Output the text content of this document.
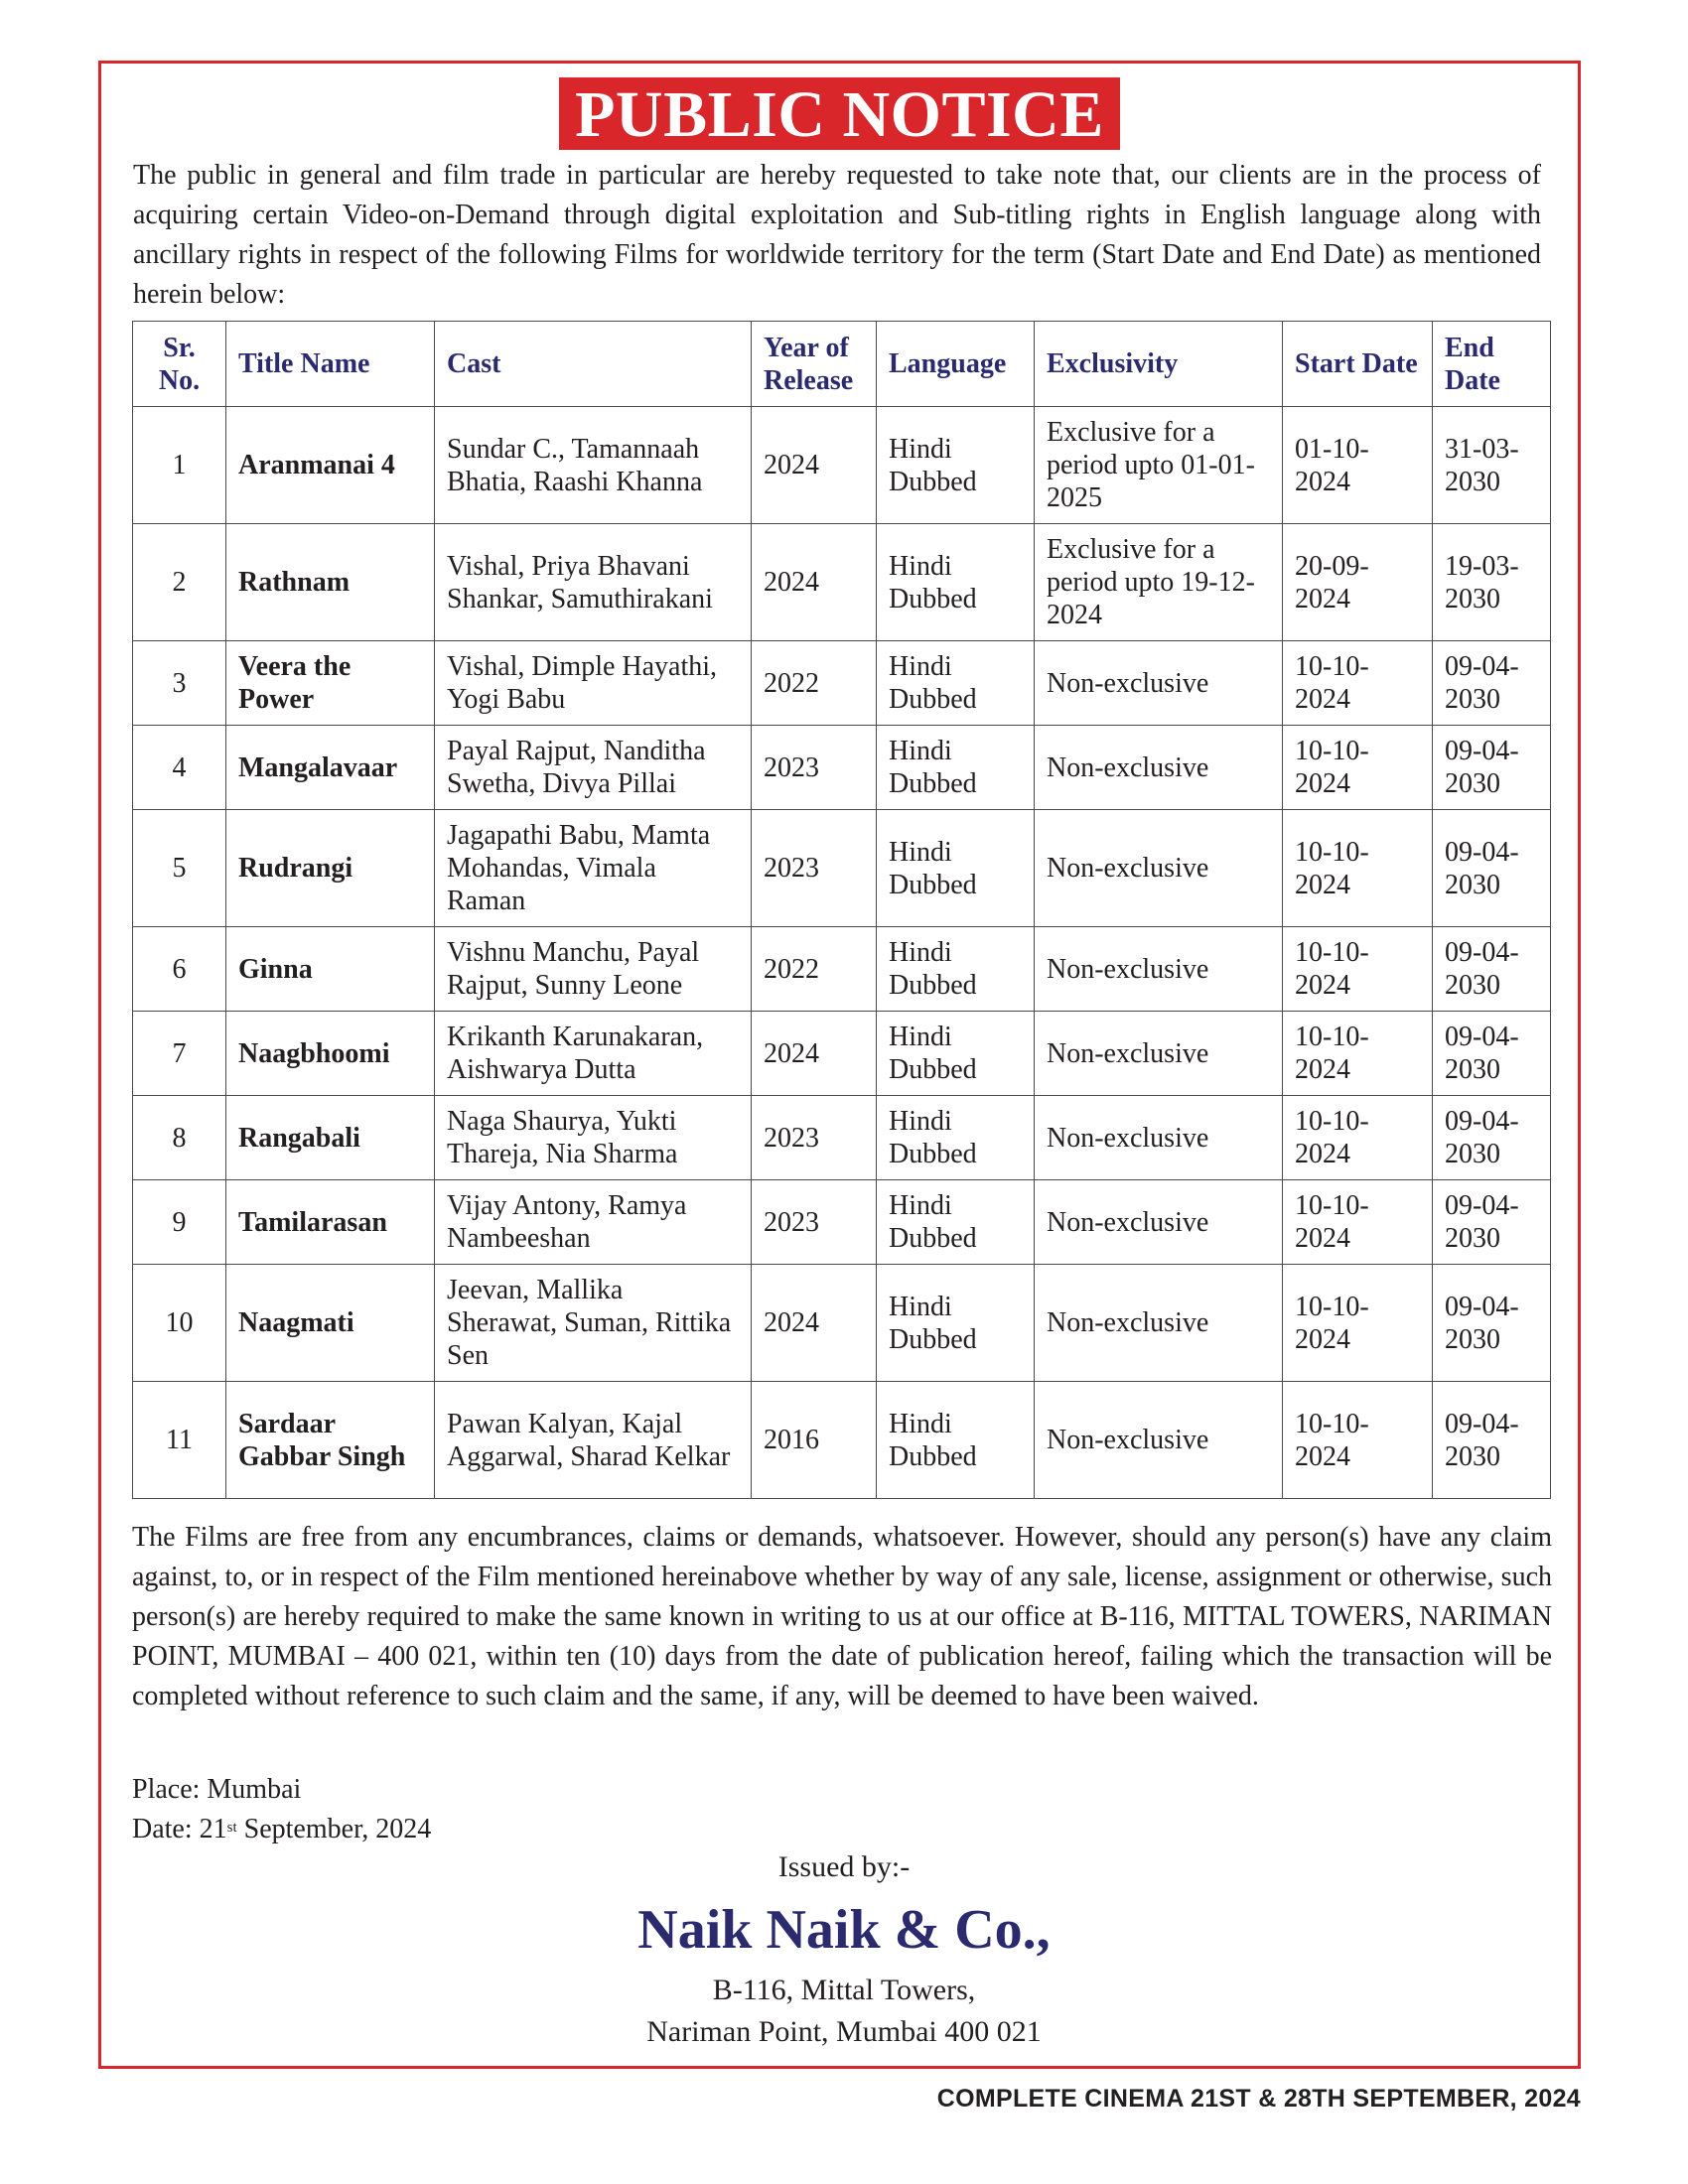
PUBLIC NOTICE

The public in general and film trade in particular are hereby requested to take note that, our clients are in the process of acquiring certain Video-on-Demand through digital exploitation and Sub-titling rights in English language along with ancillary rights in respect of the following Films for worldwide territory for the term (Start Date and End Date) as mentioned herein below:

Sr. No.	Title Name	Cast	Year of Release	Language	Exclusivity	Start Date	End Date
1	Aranmanai 4	Sundar C., Tamannaah Bhatia, Raashi Khanna	2024	Hindi Dubbed	Exclusive for a period upto 01-01-2025	01-10-2024	31-03-2030
2	Rathnam	Vishal, Priya Bhavani Shankar, Samuthirakani	2024	Hindi Dubbed	Exclusive for a period upto 19-12-2024	20-09-2024	19-03-2030
3	Veera the Power	Vishal, Dimple Hayathi, Yogi Babu	2022	Hindi Dubbed	Non-exclusive	10-10-2024	09-04-2030
4	Mangalavaar	Payal Rajput, Nanditha Swetha, Divya Pillai	2023	Hindi Dubbed	Non-exclusive	10-10-2024	09-04-2030
5	Rudrangi	Jagapathi Babu, Mamta Mohandas, Vimala Raman	2023	Hindi Dubbed	Non-exclusive	10-10-2024	09-04-2030
6	Ginna	Vishnu Manchu, Payal Rajput, Sunny Leone	2022	Hindi Dubbed	Non-exclusive	10-10-2024	09-04-2030
7	Naagbhoomi	Krikanth Karunakaran, Aishwarya Dutta	2024	Hindi Dubbed	Non-exclusive	10-10-2024	09-04-2030
8	Rangabali	Naga Shaurya, Yukti Thareja, Nia Sharma	2023	Hindi Dubbed	Non-exclusive	10-10-2024	09-04-2030
9	Tamilarasan	Vijay Antony, Ramya Nambeeshan	2023	Hindi Dubbed	Non-exclusive	10-10-2024	09-04-2030
10	Naagmati	Jeevan, Mallika Sherawat, Suman, Rittika Sen	2024	Hindi Dubbed	Non-exclusive	10-10-2024	09-04-2030
11	Sardaar Gabbar Singh	Pawan Kalyan, Kajal Aggarwal, Sharad Kelkar	2016	Hindi Dubbed	Non-exclusive	10-10-2024	09-04-2030

The Films are free from any encumbrances, claims or demands, whatsoever. However, should any person(s) have any claim against, to, or in respect of the Film mentioned hereinabove whether by way of any sale, license, assignment or otherwise, such person(s) are hereby required to make the same known in writing to us at our office at B-116, MITTAL TOWERS, NARIMAN POINT, MUMBAI – 400 021, within ten (10) days from the date of publication hereof, failing which the transaction will be completed without reference to such claim and the same, if any, will be deemed to have been waived.

Place: Mumbai
Date: 21st September, 2024
Issued by:-
Naik Naik & Co.,
B-116, Mittal Towers,
Nariman Point, Mumbai 400 021
COMPLETE CINEMA 21ST & 28TH SEPTEMBER, 2024
